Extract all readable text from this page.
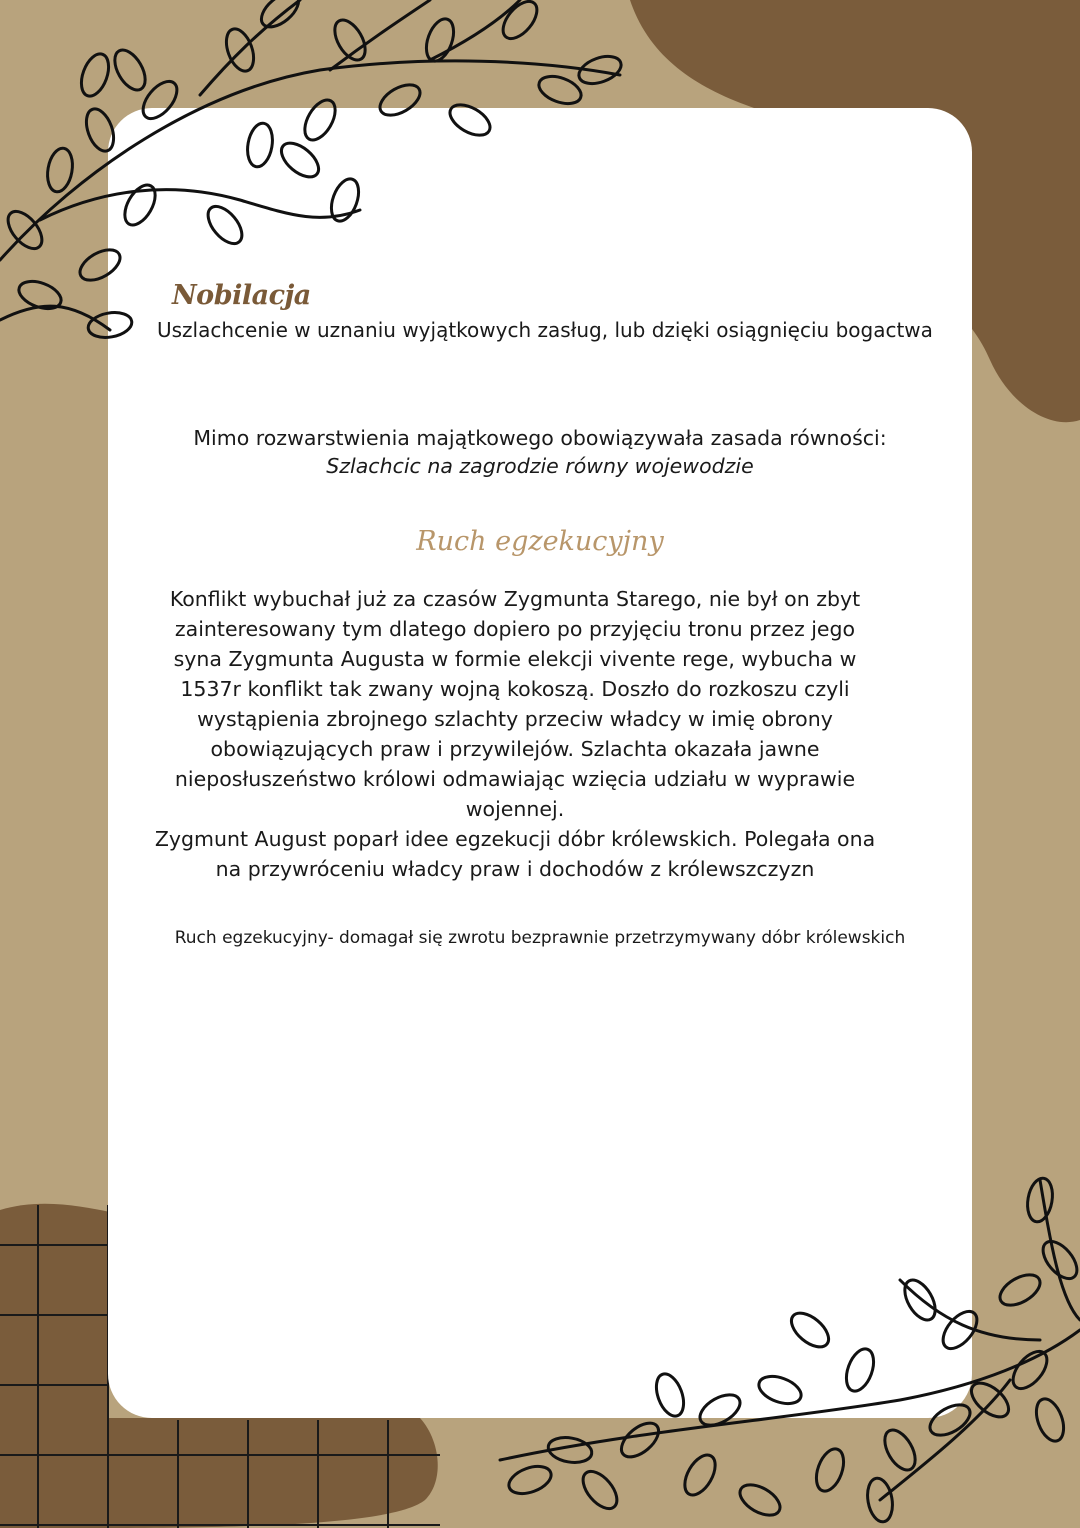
Nobilacja

Uszlachcenie w uznaniu wyjątkowych zasług, lub dzięki osiągnięciu bogactwa

Mimo rozwarstwienia majątkowego obowiązywała zasada równości:
Szlachcic na zagrodzie równy wojewodzie

Ruch egzekucyjny

Konflikt wybuchał już za czasów Zygmunta Starego, nie był on zbyt zainteresowany tym dlatego dopiero po przyjęciu tronu przez jego syna Zygmunta Augusta w formie elekcji vivente rege, wybucha w 1537r konflikt tak zwany wojną kokoszą. Doszło do rozkoszu czyli wystąpienia zbrojnego szlachty przeciw władcy w imię obrony obowiązujących praw i przywilejów. Szlachta okazała jawne nieposłuszeństwo królowi odmawiając wzięcia udziału w wyprawie wojennej.
Zygmunt August poparł idee egzekucji dóbr królewskich. Polegała ona na przywróceniu władcy praw i dochodów z królewszczyzn

Ruch egzekucyjny- domagał się zwrotu bezprawnie przetrzymywany dóbr królewskich
